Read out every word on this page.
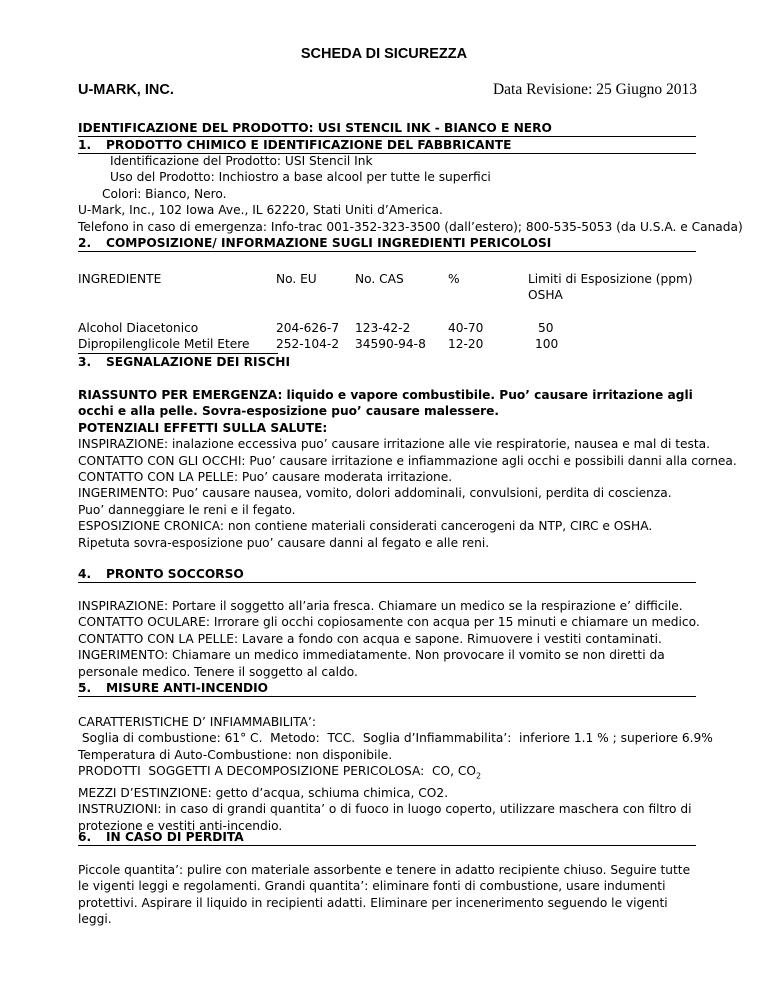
SCHEDA DI SICUREZZA
U-MARK, INC.	Data Revisione: 25 Giugno 2013
IDENTIFICAZIONE DEL PRODOTTO: USI STENCIL INK - BIANCO E NERO
1. PRODOTTO CHIMICO E IDENTIFICAZIONE DEL FABBRICANTE
Identificazione del Prodotto: USI Stencil Ink
Uso del Prodotto: Inchiostro a base alcool per tutte le superfici
Colori: Bianco, Nero.
U-Mark, Inc., 102 Iowa Ave., IL 62220, Stati Uniti d’America.
Telefono in caso di emergenza: Info-trac 001-352-323-3500 (dall’estero); 800-535-5053 (da U.S.A. e Canada)
2. COMPOSIZIONE/ INFORMAZIONE SUGLI INGREDIENTI PERICOLOSI
INGREDIENTE	No. EU	No. CAS	%	Limiti di Esposizione (ppm)
OSHA
Alcohol Diacetonico	204-626-7 123-42-2	40-70	50
Dipropilenglicole Metil Etere 252-104-2 34590-94-8 12-20	100
3. SEGNALAZIONE DEI RISCHI
RIASSUNTO PER EMERGENZA: liquido e vapore combustibile. Puo’ causare irritazione agli occhi e alla pelle. Sovra-esposizione puo’ causare malessere.
POTENZIALI EFFETTI SULLA SALUTE:
INSPIRAZIONE: inalazione eccessiva puo’ causare irritazione alle vie respiratorie, nausea e mal di testa.
CONTATTO CON GLI OCCHI: Puo’ causare irritazione e infiammazione agli occhi e possibili danni alla cornea.
CONTATTO CON LA PELLE: Puo’ causare moderata irritazione.
INGERIMENTO: Puo’ causare nausea, vomito, dolori addominali, convulsioni, perdita di coscienza. Puo’ danneggiare le reni e il fegato.
ESPOSIZIONE CRONICA: non contiene materiali considerati cancerogeni da NTP, CIRC e OSHA. Ripetuta sovra-esposizione puo’ causare danni al fegato e alle reni.
4. PRONTO SOCCORSO
INSPIRAZIONE: Portare il soggetto all’aria fresca. Chiamare un medico se la respirazione e’ difficile.
CONTATTO OCULARE: Irrorare gli occhi copiosamente con acqua per 15 minuti e chiamare un medico.
CONTATTO CON LA PELLE: Lavare a fondo con acqua e sapone. Rimuovere i vestiti contaminati.
INGERIMENTO: Chiamare un medico immediatamente. Non provocare il vomito se non diretti da personale medico. Tenere il soggetto al caldo.
5. MISURE ANTI-INCENDIO
CARATTERISTICHE D’ INFIAMMABILITA’:
Soglia di combustione: 61° C.  Metodo:  TCC.  Soglia d’Infiammabilita’:  inferiore 1.1 % ; superiore 6.9%
Temperatura di Auto-Combustione: non disponibile.
PRODOTTI  SOGGETTI A DECOMPOSIZIONE PERICOLOSA:  CO, $CO_2$
MEZZI D’ESTINZIONE: getto d’acqua, schiuma chimica, CO2.
INSTRUZIONI: in caso di grandi quantita’ o di fuoco in luogo coperto, utilizzare maschera con filtro di protezione e vestiti anti-incendio.
6. IN CASO DI PERDITA
Piccole quantita’: pulire con materiale assorbente e tenere in adatto recipiente chiuso. Seguire tutte le vigenti leggi e regolamenti. Grandi quantita’: eliminare fonti di combustione, usare indumenti protettivi. Aspirare il liquido in recipienti adatti. Eliminare per incenerimento seguendo le vigenti leggi.
